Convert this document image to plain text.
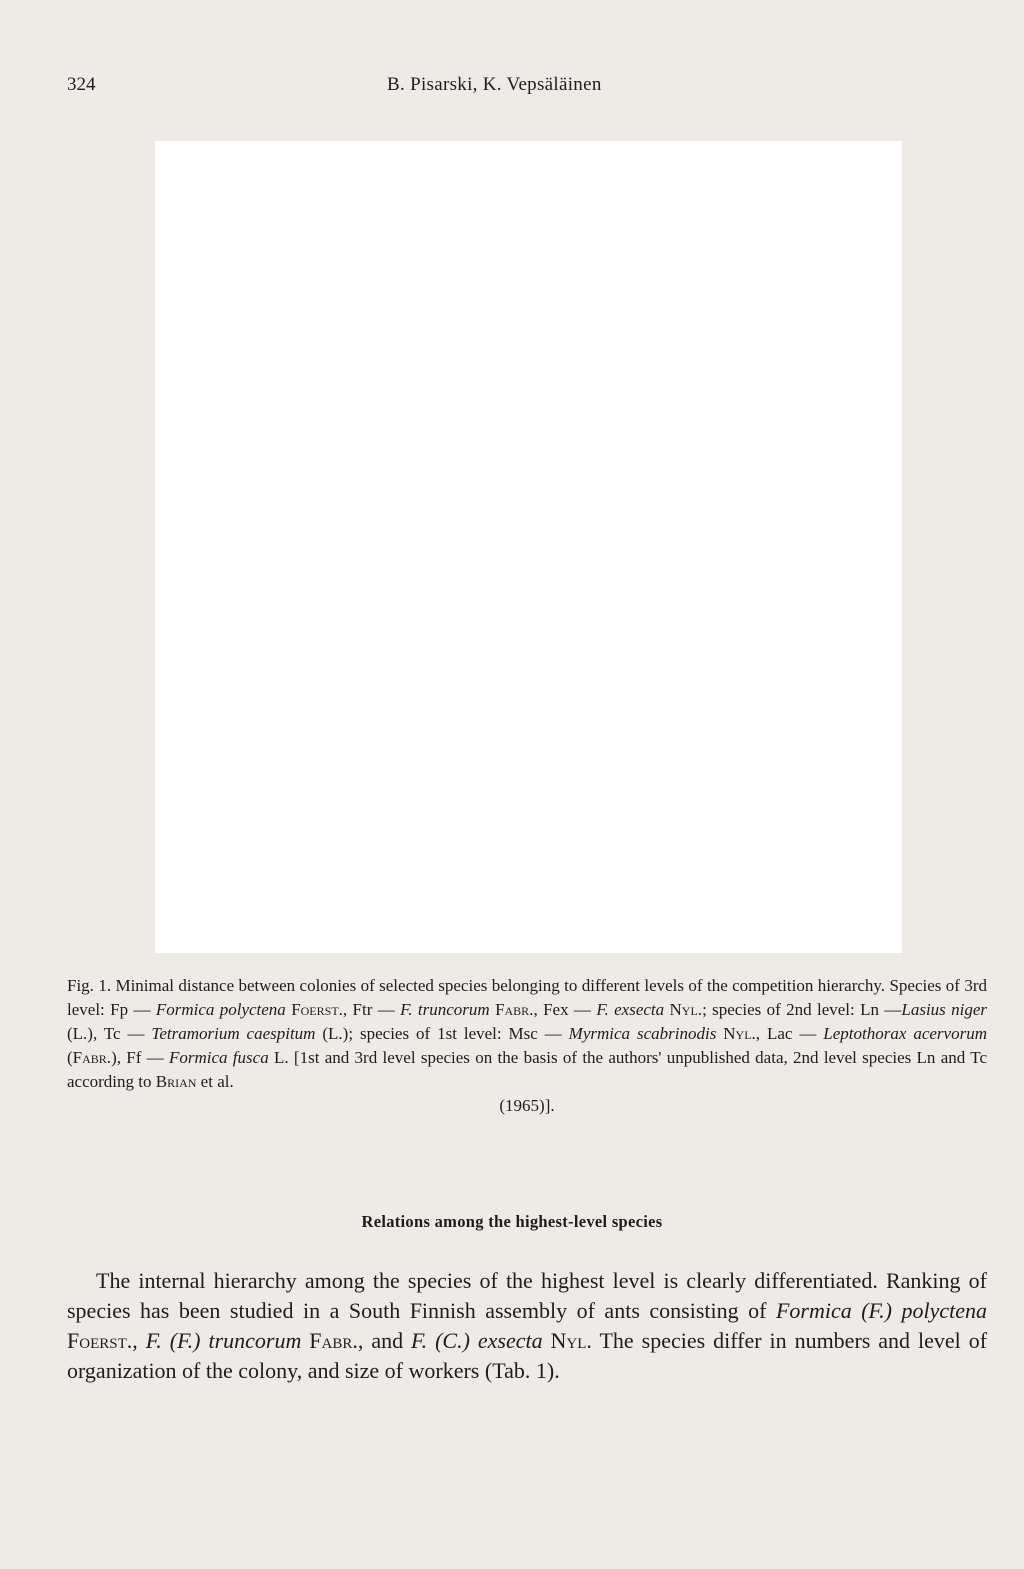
324	B. Pisarski, K. Vepsäläinen
Fig. 1. Minimal distance between colonies of selected species belonging to different levels of the competition hierarchy. Species of 3rd level: Fp — Formica polyctena Foerst., Ftr — F. truncorum Fabr., Fex — F. exsecta Nyl.; species of 2nd level: Ln —Lasius niger (L.), Tc — Tetramorium caespitum (L.); species of 1st level: Msc — Myrmica scabrinodis Nyl., Lac — Leptothorax acervorum (Fabr.), Ff — Formica fusca L. [1st and 3rd level species on the basis of the authors' unpublished data, 2nd level species Ln and Tc according to Brian et al.
(1965)].
Relations among the highest-level species

The internal hierarchy among the species of the highest level is clearly differentiated. Ranking of species has been studied in a South Finnish assembly of ants consisting of Formica (F.) polyctena Foerst., F. (F.) truncorum Fabr., and F. (C.) exsecta Nyl. The species differ in numbers and level of organization of the colony, and size of workers (Tab. 1).
